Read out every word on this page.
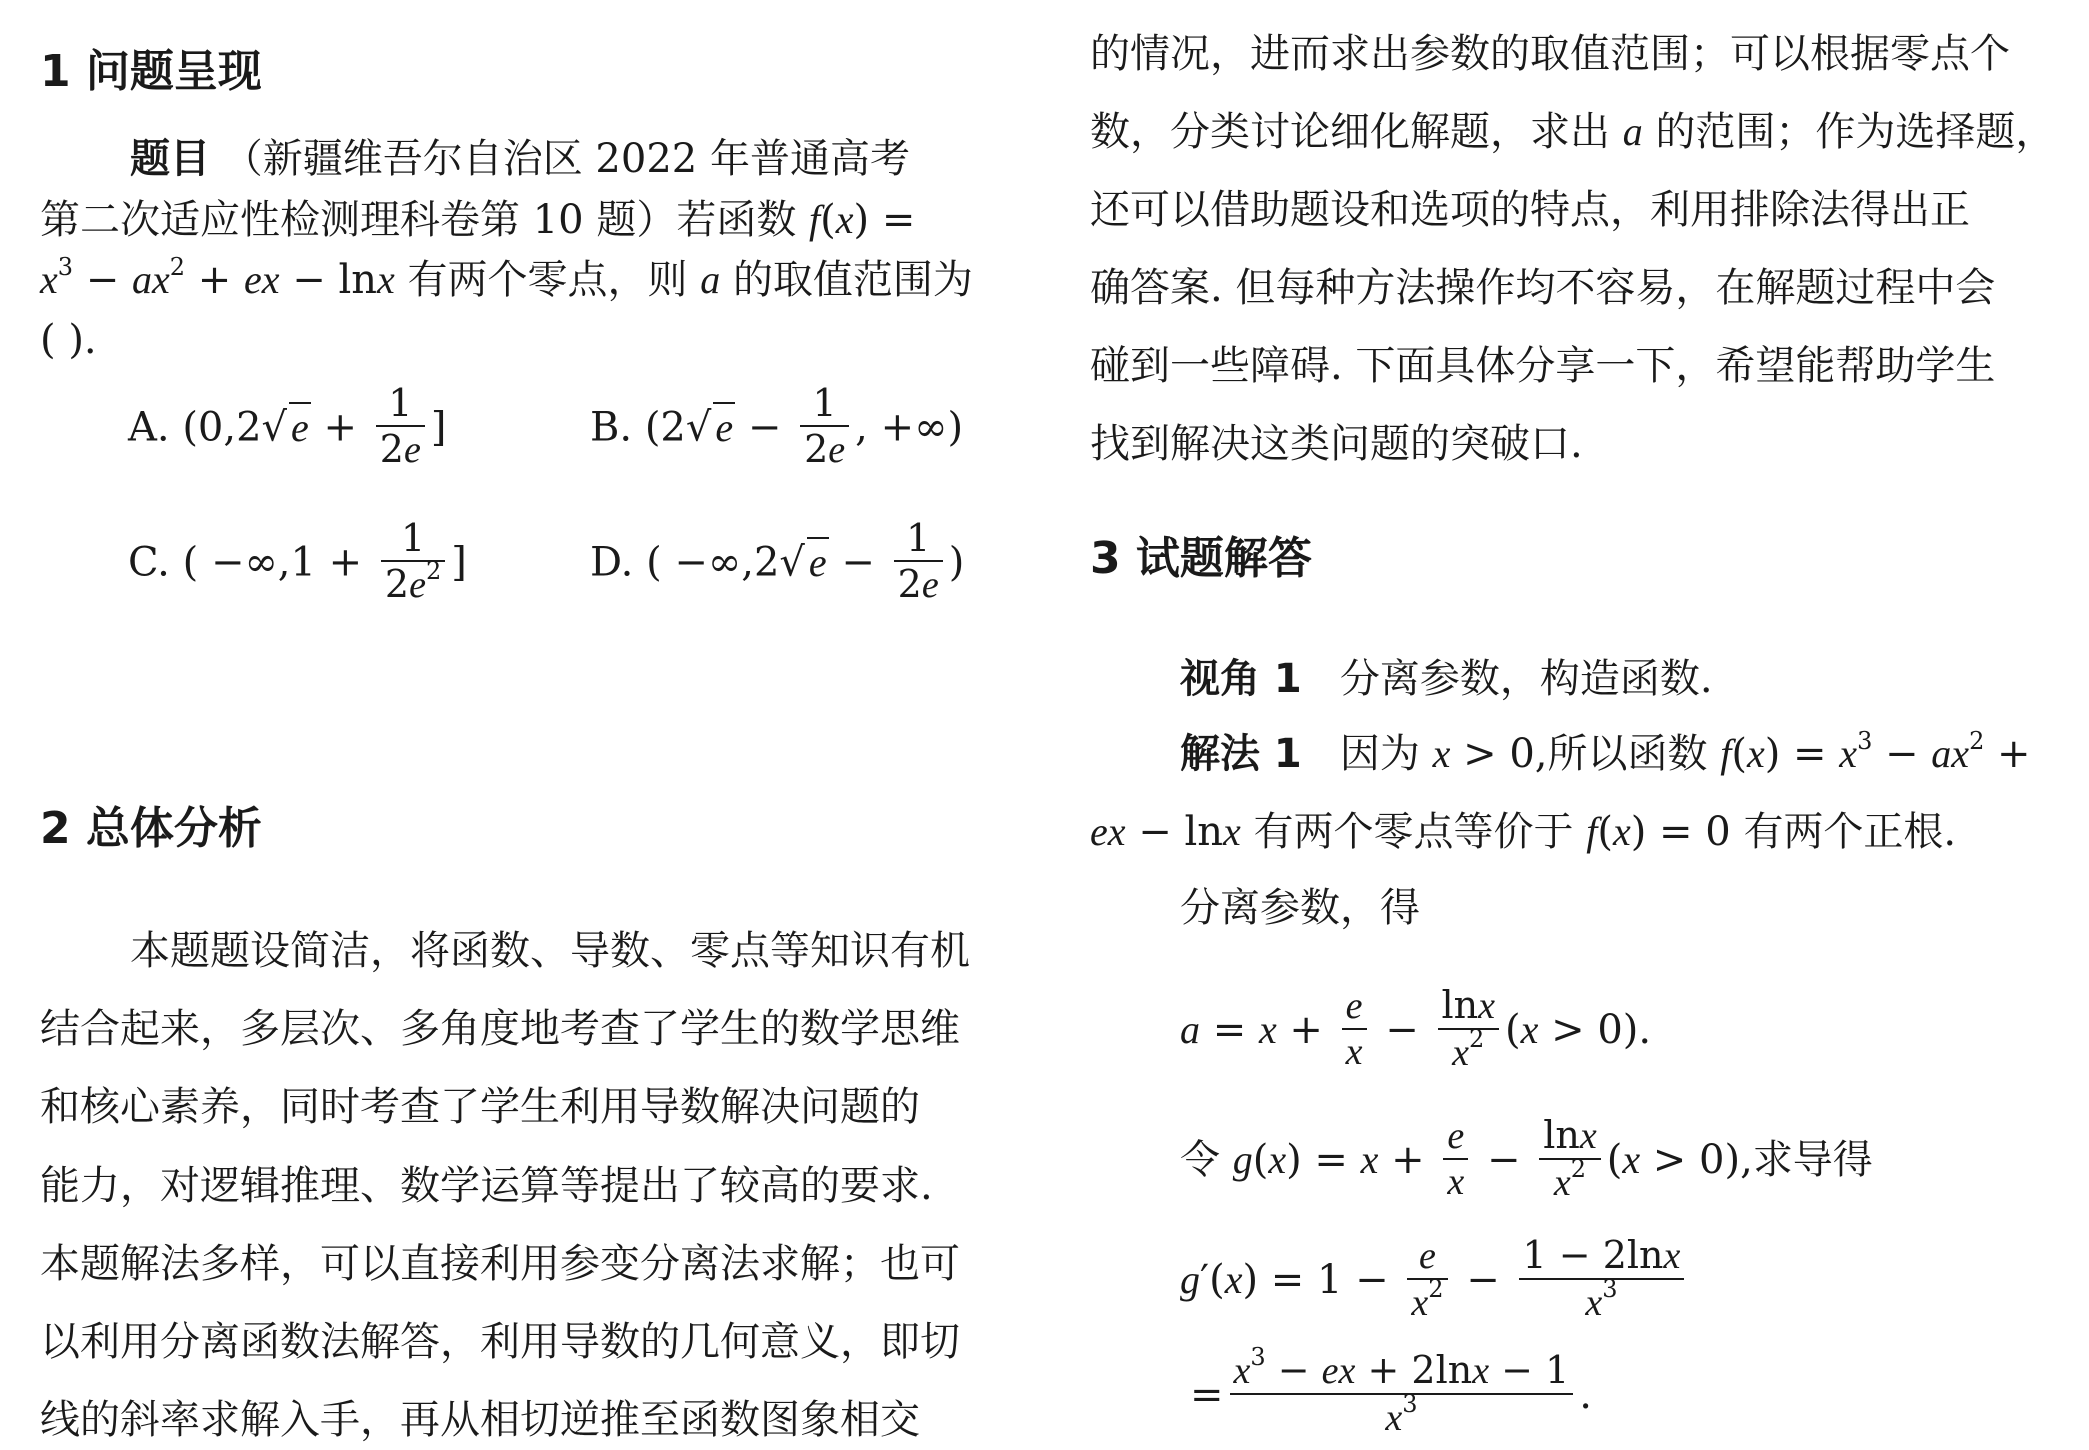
1 问题呈现
题目 （新疆维吾尔自治区 2022 年普通高考
第二次适应性检测理科卷第 10 题）若函数 f(x) =
$x^3 - ax^2$ + ex − lnx 有两个零点，则 a 的取值范围为
( ).
A. (0,2√ $e + \frac{1}{2e}$ ]	B. (2√ $e - \frac{1}{2e}$ , +∞)
C. ( $-\infty,1 + \frac{1}{2e^2}$ ]	D. ( −∞,2√ $e - \frac{1}{2e}$ )
2 总体分析
本题题设简洁，将函数、导数、零点等知识有机
结合起来，多层次、多角度地考查了学生的数学思维
和核心素养，同时考查了学生利用导数解决问题的
能力，对逻辑推理、数学运算等提出了较高的要求.
本题解法多样，可以直接利用参变分离法求解；也可
以利用分离函数法解答，利用导数的几何意义，即切
线的斜率求解入手，再从相切逆推至函数图象相交
的情况，进而求出参数的取值范围；可以根据零点个
数，分类讨论细化解题，求出 a 的范围；作为选择题，
还可以借助题设和选项的特点，利用排除法得出正
确答案. 但每种方法操作均不容易，在解题过程中会
碰到一些障碍. 下面具体分享一下，希望能帮助学生
找到解决这类问题的突破口.
3 试题解答
视角 1 分离参数，构造函数.
解法 1 因为 x > 0,所以函数 $f(x) = x^3 - ax^2$ +
ex − lnx 有两个零点等价于 f(x) = 0 有两个正根.
分离参数，得
$a = x + \frac{e}{x} - \frac{\ln x}{x^2} (x > 0)$.
令 $g(x) = x + \frac{e}{x} - \frac{\ln x}{x^2} (x > 0)$,求导得
$g'(x) = 1 - \frac{e}{x^2} - \frac{1 - 2\ln x}{x^3}$
= $\frac{x^3 - ex + 2\ln x - 1}{x^3}$ .
